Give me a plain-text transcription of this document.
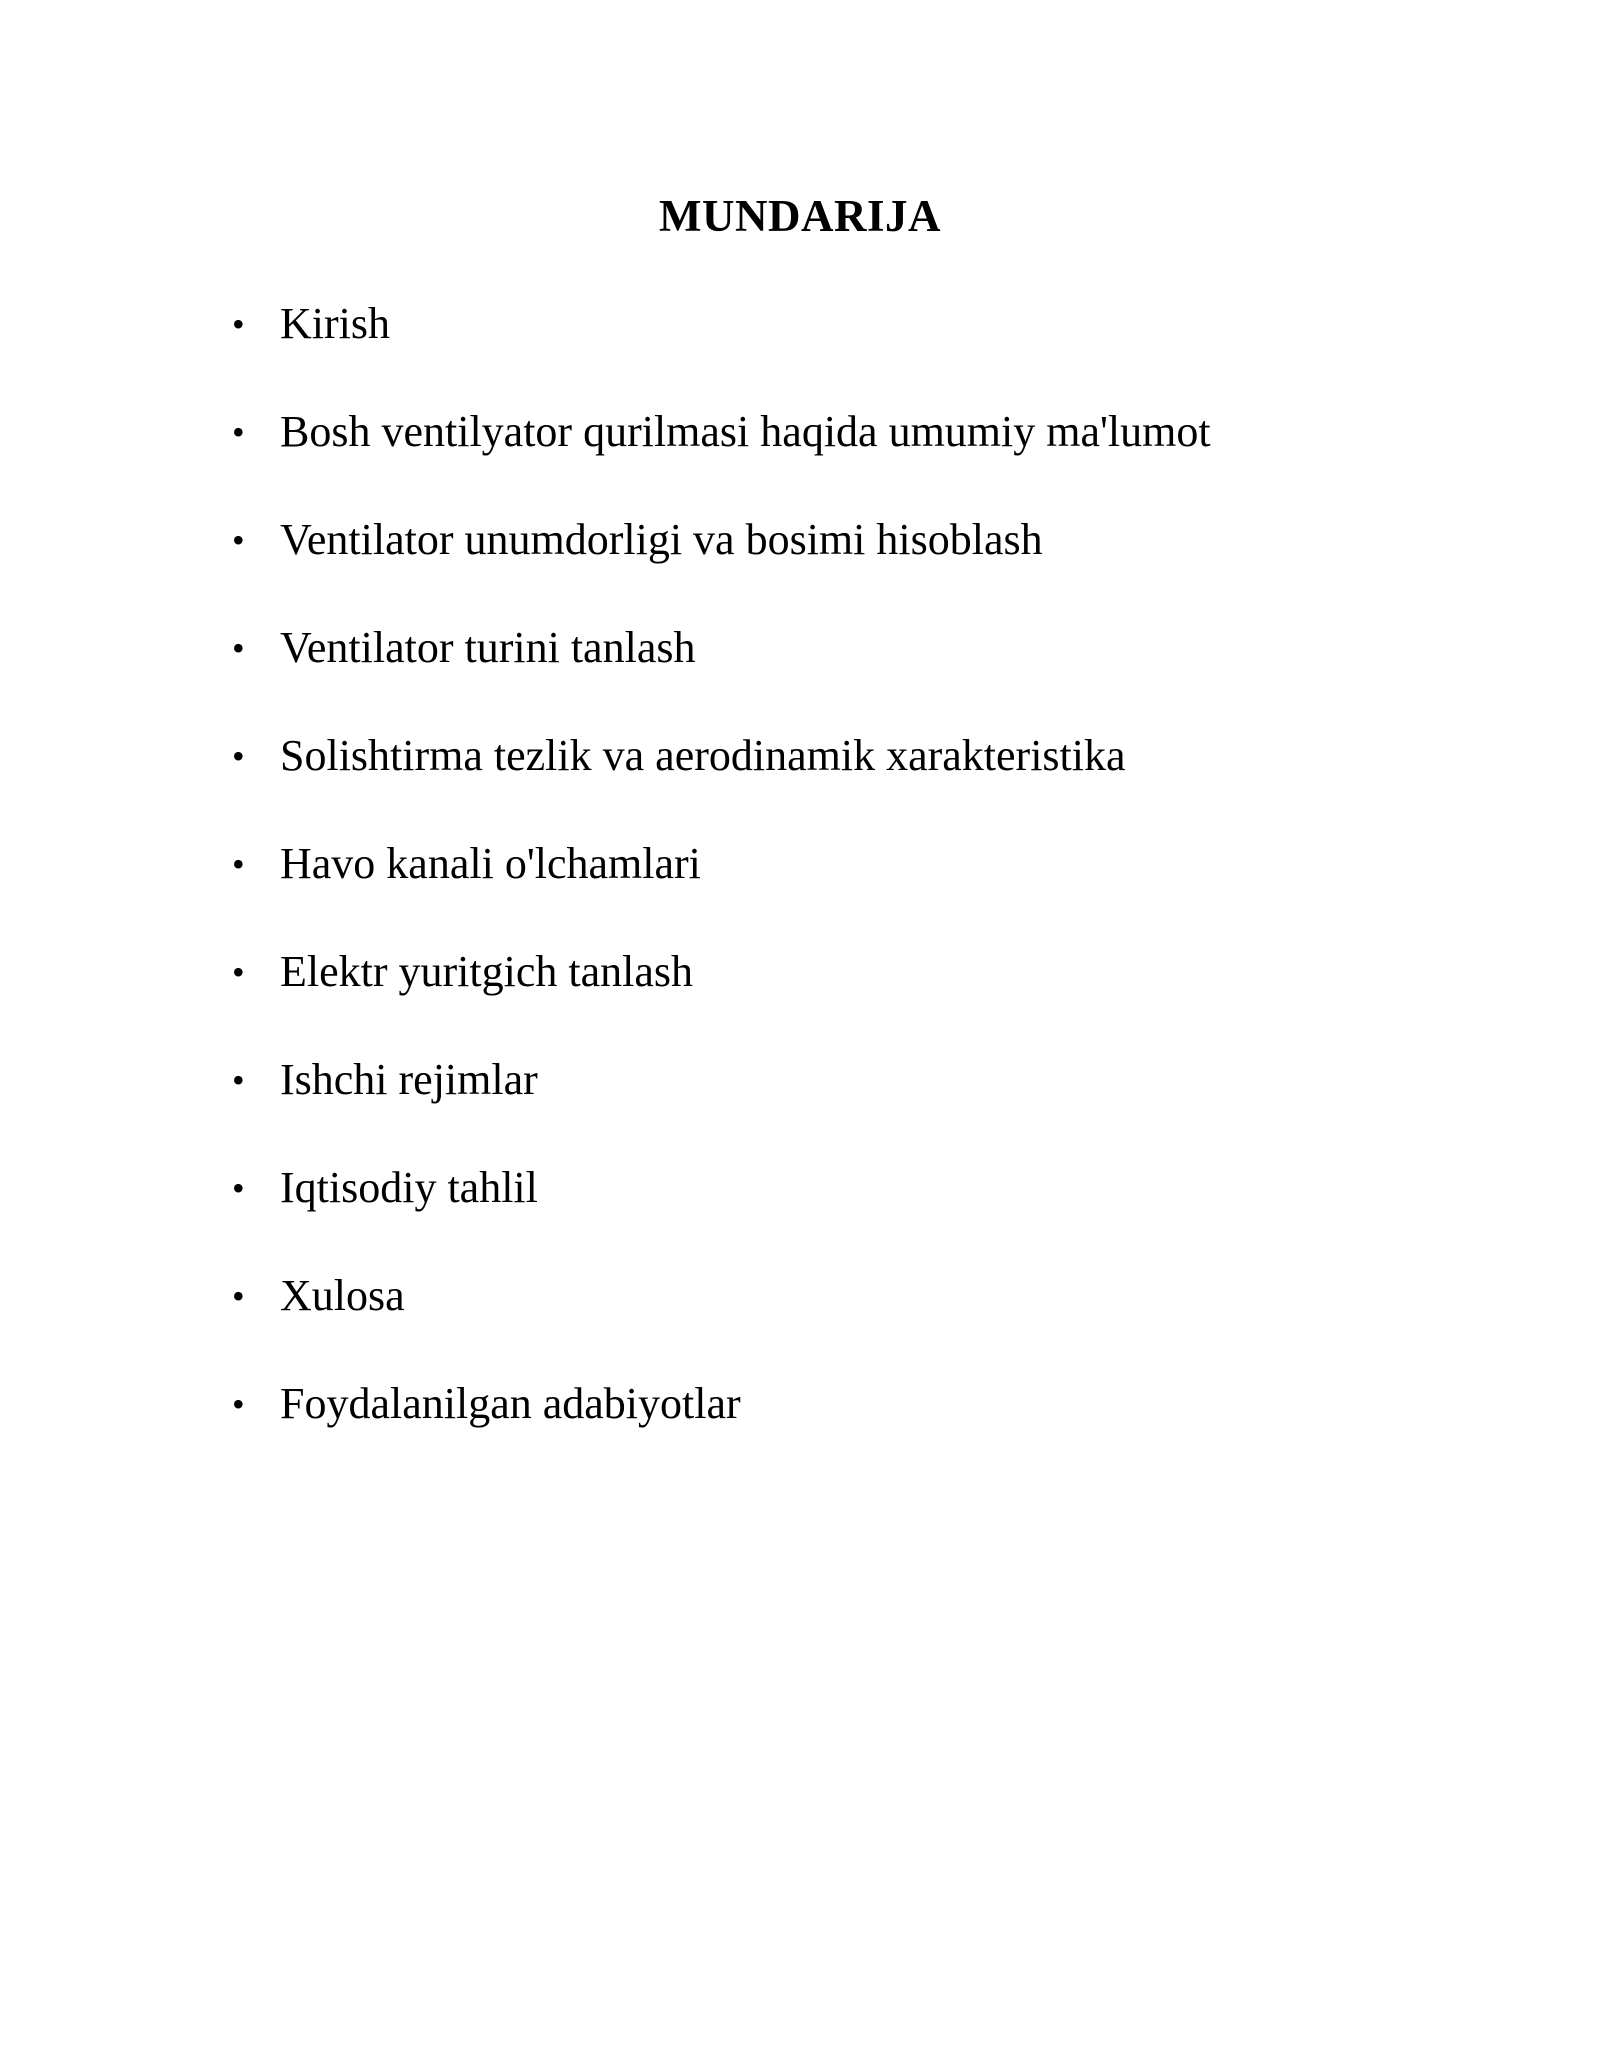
MUNDARIJA
• Kirish
• Bosh ventilyator qurilmasi haqida umumiy ma'lumot
• Ventilator unumdorligi va bosimi hisoblash
• Ventilator turini tanlash
• Solishtirma tezlik va aerodinamik xarakteristika
• Havo kanali o'lchamlari
• Elektr yuritgich tanlash
• Ishchi rejimlar
• Iqtisodiy tahlil
• Xulosa
• Foydalanilgan adabiyotlar
